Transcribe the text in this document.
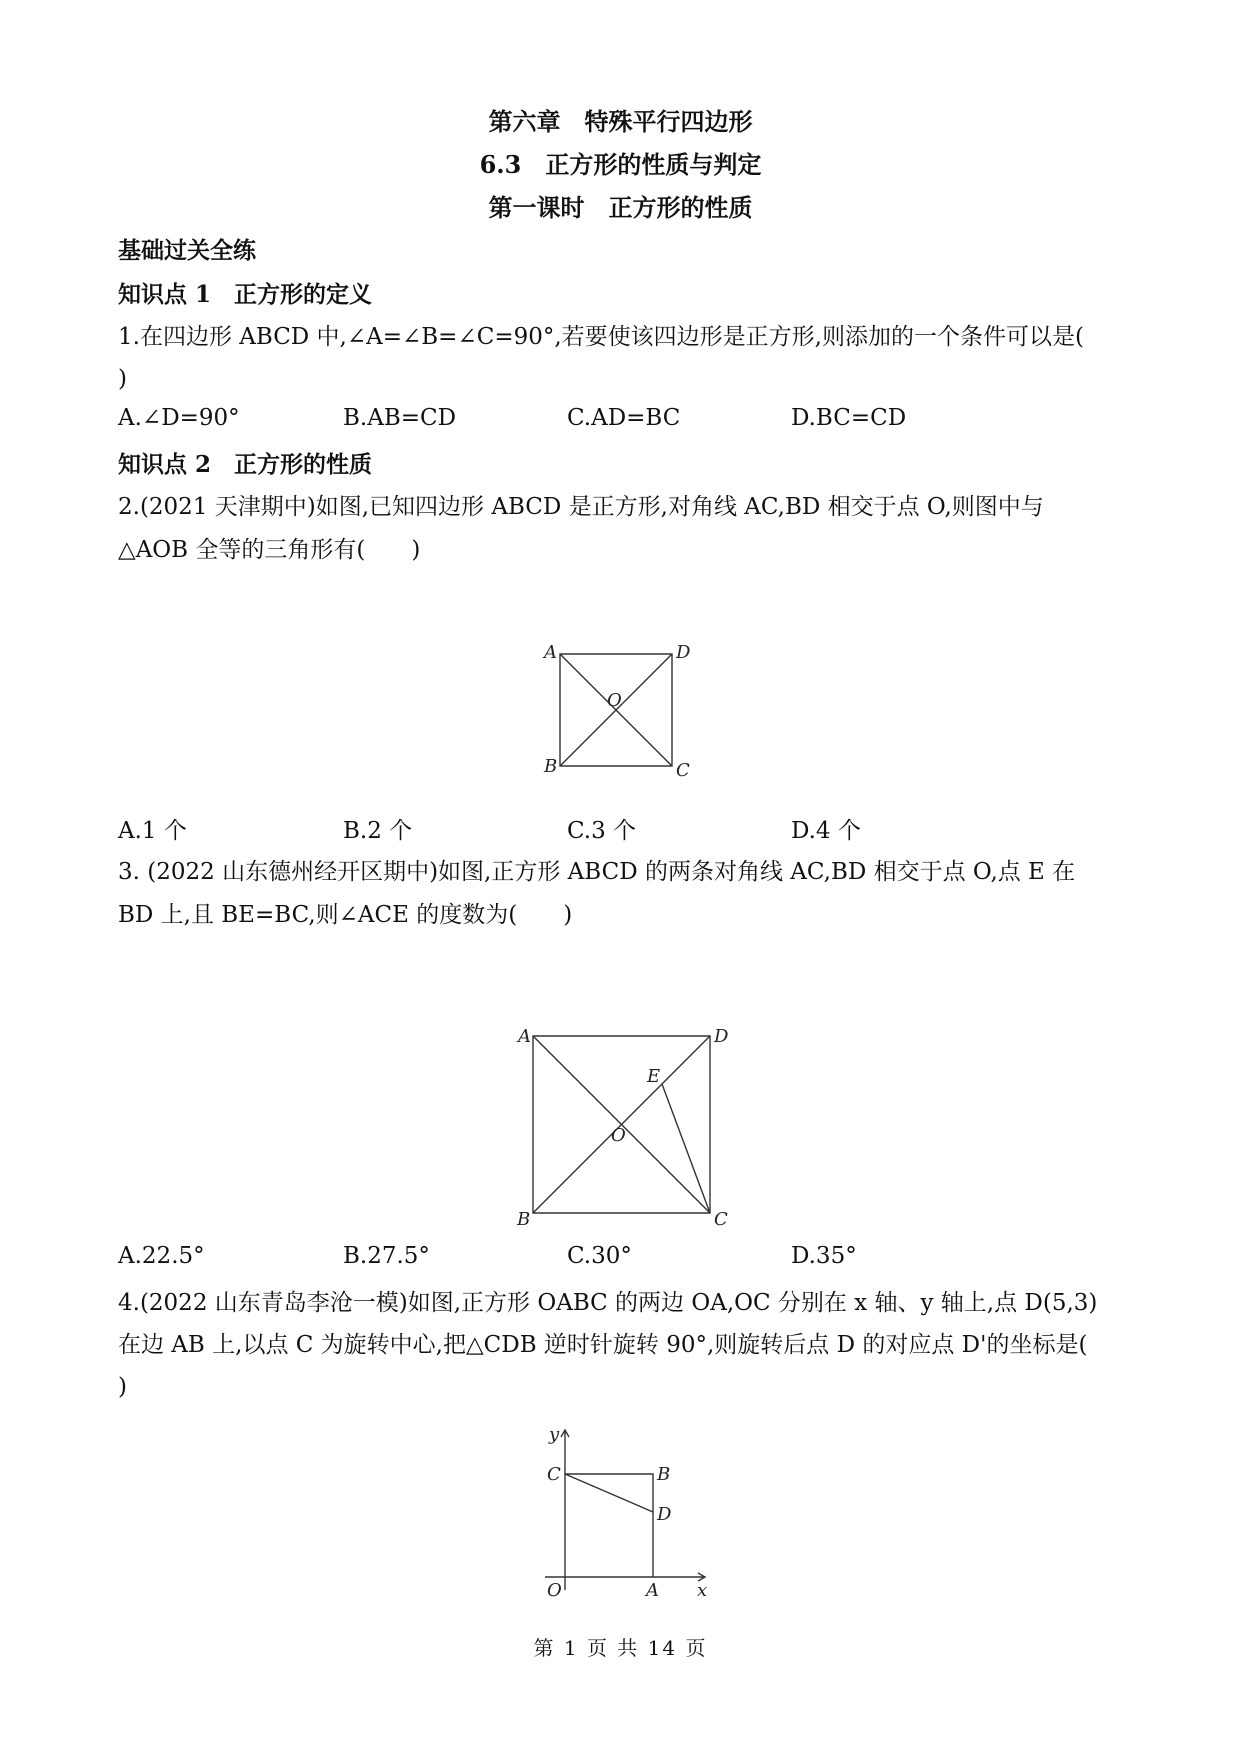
第六章　特殊平行四边形
6.3　正方形的性质与判定
第一课时　正方形的性质
基础过关全练
知识点 1　正方形的定义
1.在四边形 ABCD 中,∠A=∠B=∠C=90°,若要使该四边形是正方形,则添加的一个条件可以是(
)
A.∠D=90°	B.AB=CD	C.AD=BC	D.BC=CD
知识点 2　正方形的性质
2.(2021 天津期中)如图,已知四边形 ABCD 是正方形,对角线 AC,BD 相交于点 O,则图中与
△AOB 全等的三角形有(　　)
A	D
O
B	C
A.1 个	B.2 个	C.3 个	D.4 个
3. (2022 山东德州经开区期中)如图,正方形 ABCD 的两条对角线 AC,BD 相交于点 O,点 E 在
BD 上,且 BE=BC,则∠ACE 的度数为(　　)
A	D
E
O
B	C
A.22.5°	B.27.5°	C.30°	D.35°
4.(2022 山东青岛李沧一模)如图,正方形 OABC 的两边 OA,OC 分别在 x 轴、y 轴上,点 D(5,3)
在边 AB 上,以点 C 为旋转中心,把△CDB 逆时针旋转 90°,则旋转后点 D 的对应点 D'的坐标是(
)
y
x
C	B
D
O	A
第 1 页 共 14 页
